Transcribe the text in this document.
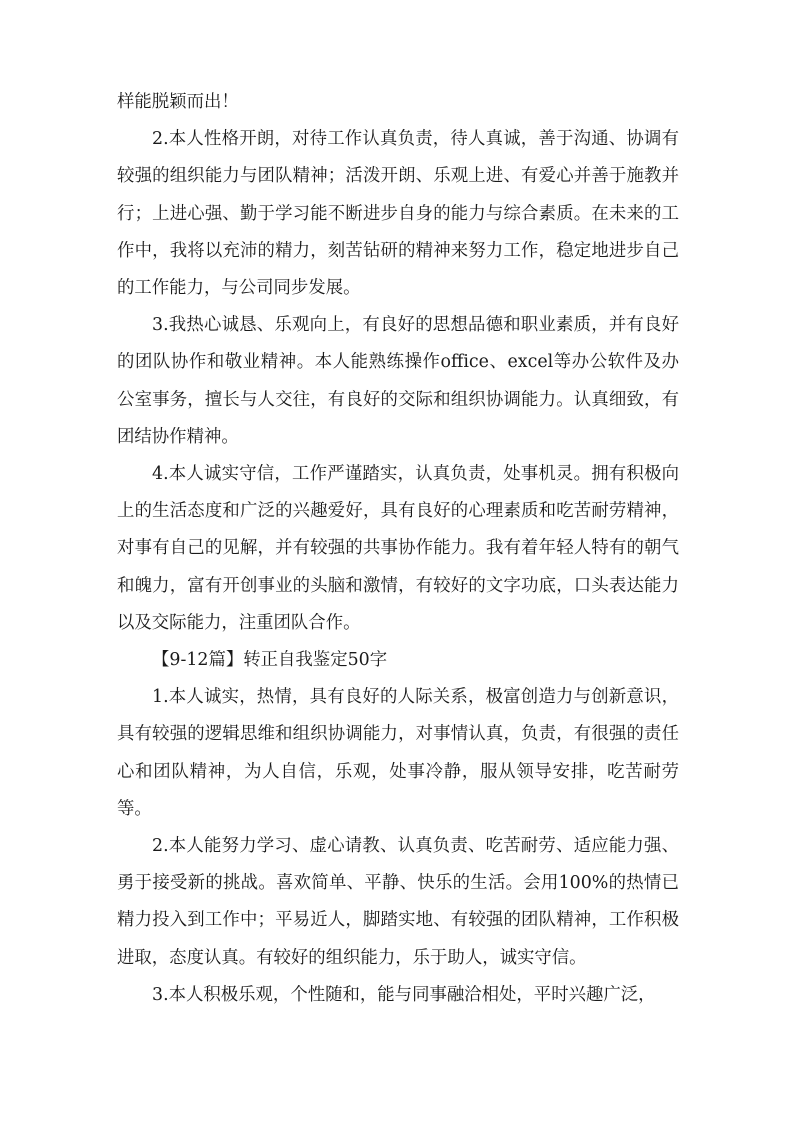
样能脱颖而出！

2.本人性格开朗，对待工作认真负责，待人真诚，善于沟通、协调有较强的组织能力与团队精神；活泼开朗、乐观上进、有爱心并善于施教并行；上进心强、勤于学习能不断进步自身的能力与综合素质。在未来的工作中，我将以充沛的精力，刻苦钻研的精神来努力工作，稳定地进步自己的工作能力，与公司同步发展。

3.我热心诚恳、乐观向上，有良好的思想品德和职业素质，并有良好的团队协作和敬业精神。本人能熟练操作office、excel等办公软件及办公室事务，擅长与人交往，有良好的交际和组织协调能力。认真细致，有团结协作精神。

4.本人诚实守信，工作严谨踏实，认真负责，处事机灵。拥有积极向上的生活态度和广泛的兴趣爱好，具有良好的心理素质和吃苦耐劳精神，对事有自己的见解，并有较强的共事协作能力。我有着年轻人特有的朝气和魄力，富有开创事业的头脑和激情，有较好的文字功底，口头表达能力以及交际能力，注重团队合作。

【9-12篇】转正自我鉴定50字

1.本人诚实，热情，具有良好的人际关系，极富创造力与创新意识，具有较强的逻辑思维和组织协调能力，对事情认真，负责，有很强的责任心和团队精神，为人自信，乐观，处事冷静，服从领导安排，吃苦耐劳等。

2.本人能努力学习、虚心请教、认真负责、吃苦耐劳、适应能力强、勇于接受新的挑战。喜欢简单、平静、快乐的生活。会用100%的热情已精力投入到工作中；平易近人，脚踏实地、有较强的团队精神，工作积极进取，态度认真。有较好的组织能力，乐于助人，诚实守信。

3.本人积极乐观，个性随和，能与同事融洽相处，平时兴趣广泛，
